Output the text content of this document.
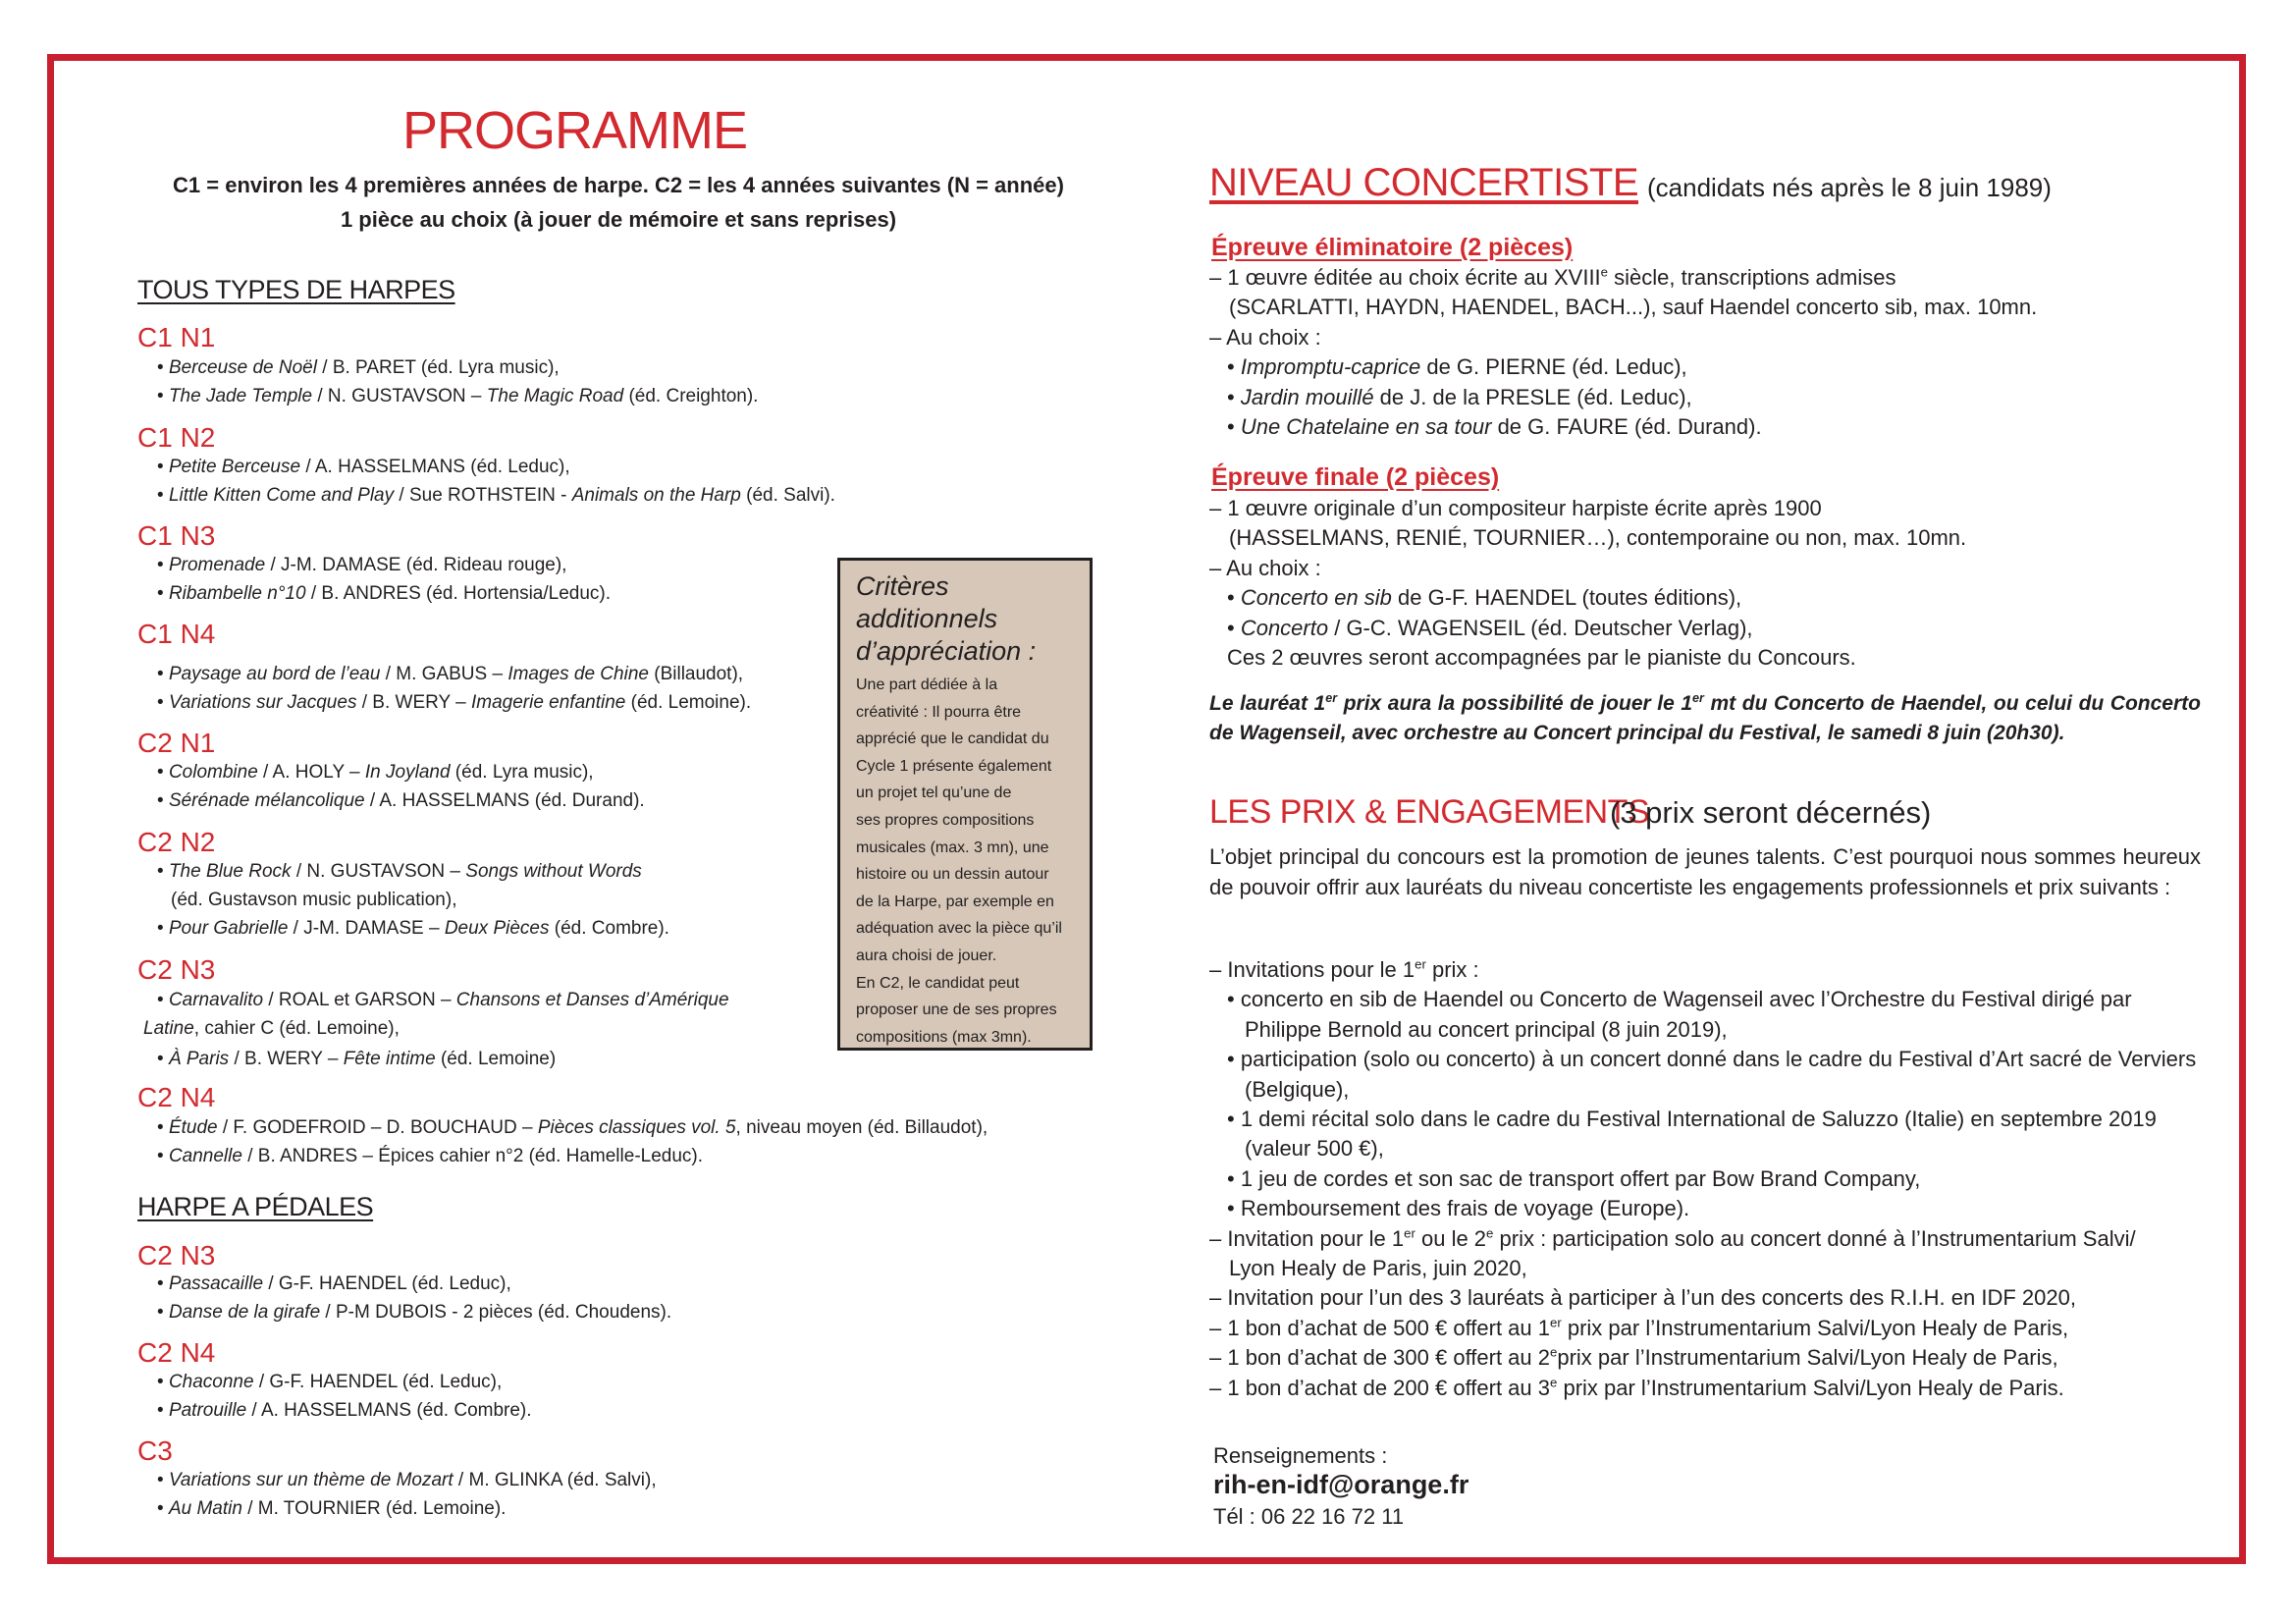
PROGRAMME
C1 = environ les 4 premières années de harpe. C2 = les 4 années suivantes (N = année)
1 pièce au choix (à jouer de mémoire et sans reprises)
TOUS TYPES DE HARPES
C1 N1
• Berceuse de Noël / B. PARET (éd. Lyra music),
• The Jade Temple / N. GUSTAVSON – The Magic Road (éd. Creighton).
C1 N2
• Petite Berceuse / A. HASSELMANS (éd. Leduc),
• Little Kitten Come and Play / Sue ROTHSTEIN - Animals on the Harp (éd. Salvi).
C1 N3
• Promenade / J-M. DAMASE (éd. Rideau rouge),
• Ribambelle n°10 / B. ANDRES (éd. Hortensia/Leduc).
C1 N4
• Paysage au bord de l’eau / M. GABUS – Images de Chine (Billaudot),
• Variations sur Jacques / B. WERY – Imagerie enfantine (éd. Lemoine).
C2 N1
• Colombine / A. HOLY – In Joyland (éd. Lyra music),
• Sérénade mélancolique / A. HASSELMANS (éd. Durand).
C2 N2
• The Blue Rock / N. GUSTAVSON – Songs without Words
(éd. Gustavson music publication),
• Pour Gabrielle / J-M. DAMASE – Deux Pièces (éd. Combre).
C2 N3
• Carnavalito / ROAL et GARSON – Chansons et Danses d’Amérique
Latine, cahier C (éd. Lemoine),
• À Paris / B. WERY – Fête intime (éd. Lemoine)
C2 N4
• Étude / F. GODEFROID – D. BOUCHAUD – Pièces classiques vol. 5, niveau moyen (éd. Billaudot),
• Cannelle / B. ANDRES – Épices cahier n°2 (éd. Hamelle-Leduc).
HARPE A PÉDALES
C2 N3
• Passacaille / G-F. HAENDEL (éd. Leduc),
• Danse de la girafe / P-M DUBOIS - 2 pièces (éd. Choudens).
C2 N4
• Chaconne / G-F. HAENDEL (éd. Leduc),
• Patrouille / A. HASSELMANS (éd. Combre).
C3
• Variations sur un thème de Mozart / M. GLINKA (éd. Salvi),
• Au Matin / M. TOURNIER (éd. Lemoine).
Critères additionnels
d’appréciation :
Une part dédiée à la
créativité : Il pourra être
apprécié que le candidat du
Cycle 1 présente également
un projet tel qu’une de
ses propres compositions
musicales (max. 3 mn), une
histoire ou un dessin autour
de la Harpe, par exemple en
adéquation avec la pièce qu’il
aura choisi de jouer.
En C2, le candidat peut
proposer une de ses propres
compositions (max 3mn).
NIVEAU CONCERTISTE (candidats nés après le 8 juin 1989)
Épreuve éliminatoire (2 pièces)
– 1 œuvre éditée au choix écrite au XVIIIe siècle, transcriptions admises
(SCARLATTI, HAYDN, HAENDEL, BACH...), sauf Haendel concerto sib, max. 10mn.
– Au choix :
• Impromptu-caprice de G. PIERNE (éd. Leduc),
• Jardin mouillé de J. de la PRESLE (éd. Leduc),
• Une Chatelaine en sa tour de G. FAURE (éd. Durand).
Épreuve finale (2 pièces)
– 1 œuvre originale d’un compositeur harpiste écrite après 1900
(HASSELMANS, RENIÉ, TOURNIER…), contemporaine ou non, max. 10mn.
– Au choix :
• Concerto en sib de G-F. HAENDEL (toutes éditions),
• Concerto / G-C. WAGENSEIL (éd. Deutscher Verlag),
Ces 2 œuvres seront accompagnées par le pianiste du Concours.
Le lauréat 1er prix aura la possibilité de jouer le 1er mt du Concerto de Haendel, ou celui du Concerto de Wagenseil, avec orchestre au Concert principal du Festival, le samedi 8 juin (20h30).
LES PRIX & ENGAGEMENTS
(3 prix seront décernés)
L’objet principal du concours est la promotion de jeunes talents. C’est pourquoi nous sommes heureux de pouvoir offrir aux lauréats du niveau concertiste les engagements professionnels et prix suivants :
– Invitations pour le 1er prix :
• concerto en sib de Haendel ou Concerto de Wagenseil avec l’Orchestre du Festival dirigé par
Philippe Bernold au concert principal (8 juin 2019),
• participation (solo ou concerto) à un concert donné dans le cadre du Festival d’Art sacré de Verviers
(Belgique),
• 1 demi récital solo dans le cadre du Festival International de Saluzzo (Italie) en septembre 2019
(valeur 500 €),
• 1 jeu de cordes et son sac de transport offert par Bow Brand Company,
• Remboursement des frais de voyage (Europe).
– Invitation pour le 1er ou le 2e prix : participation solo au concert donné à l’Instrumentarium Salvi/
Lyon Healy de Paris, juin 2020,
– Invitation pour l’un des 3 lauréats à participer à l’un des concerts des R.I.H. en IDF 2020,
– 1 bon d’achat de 500 € offert au 1er prix par l’Instrumentarium Salvi/Lyon Healy de Paris,
– 1 bon d’achat de 300 € offert au 2eprix par l’Instrumentarium Salvi/Lyon Healy de Paris,
– 1 bon d’achat de 200 € offert au 3e prix par l’Instrumentarium Salvi/Lyon Healy de Paris.
Renseignements :
rih-en-idf@orange.fr
Tél : 06 22 16 72 11
